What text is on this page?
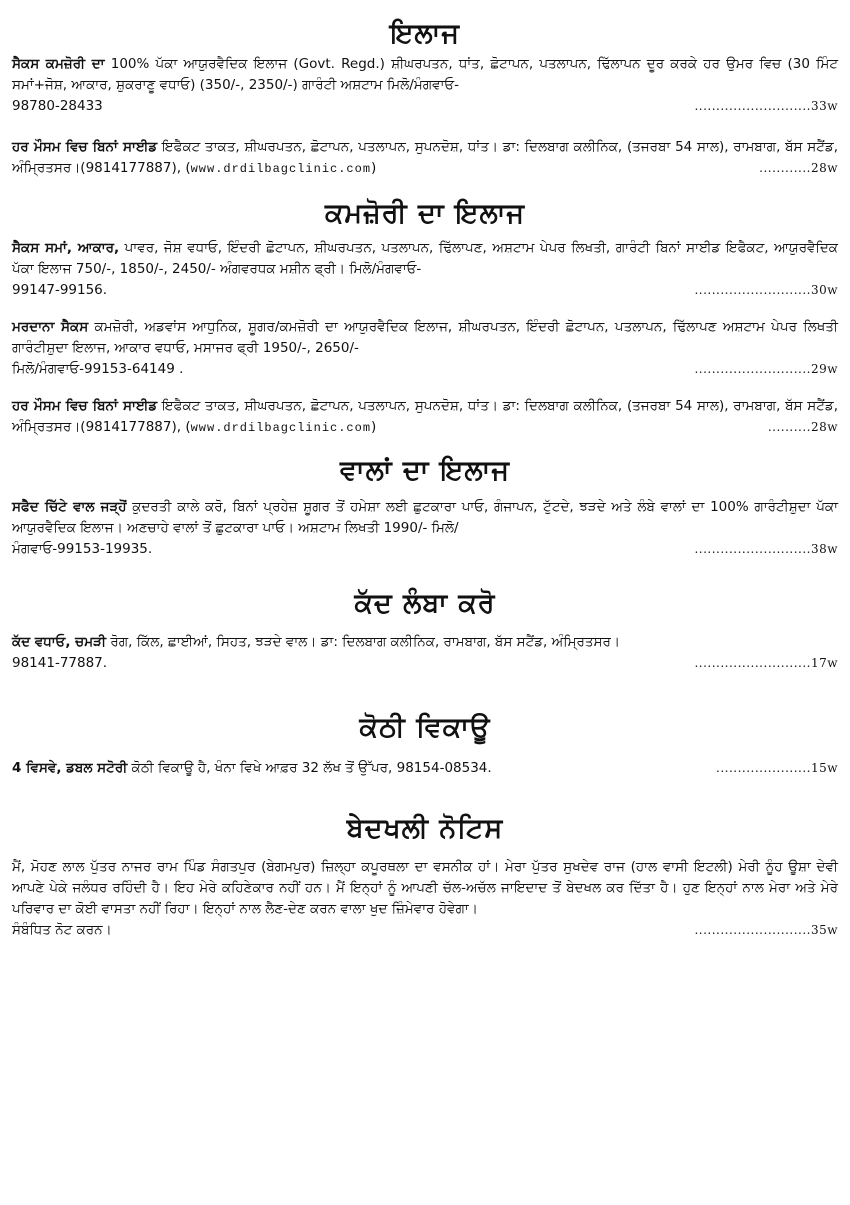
ਇਲਾਜ
ਸੈਕਸ ਕਮਜ਼ੋਰੀ ਦਾ 100% ਪੱਕਾ ਆਯੁਰਵੈਦਿਕ ਇਲਾਜ (Govt. Regd.) ਸ਼ੀਘਰਪਤਨ, ਧਾਂਤ, ਛੋਟਾਪਨ, ਪਤਲਾਪਨ, ਢਿੱਲਾਪਨ ਦੂਰ ਕਰਕੇ ਹਰ ਉਮਰ ਵਿਚ (30 ਮਿੰਟ ਸਮਾਂ+ਜੋਸ਼, ਆਕਾਰ, ਸ਼ੁਕਰਾਣੂ ਵਧਾਓ) (350/-, 2350/-) ਗਾਰੰਟੀ ਅਸ਼ਟਾਮ ਮਿਲੋ/ਮੰਗਵਾਓ-
98780-28433	...........................33w
ਹਰ ਮੌਸਮ ਵਿਚ ਬਿਨਾਂ ਸਾਈਡ ਇਫੈਕਟ ਤਾਕਤ, ਸ਼ੀਘਰਪਤਨ, ਛੋਟਾਪਨ, ਪਤਲਾਪਨ, ਸੁਪਨਦੋਸ਼, ਧਾਂਤ। ਡਾ: ਦਿਲਬਾਗ ਕਲੀਨਿਕ, (ਤਜਰਬਾ 54 ਸਾਲ), ਰਾਮਬਾਗ, ਬੱਸ ਸਟੈਂਡ, ਅੰਮ੍ਰਿਤਸਰ।(9814177887), (www.drdilbagclinic.com)	............28w
ਕਮਜ਼ੋਰੀ ਦਾ ਇਲਾਜ
ਸੈਕਸ ਸਮਾਂ, ਆਕਾਰ, ਪਾਵਰ, ਜੋਸ਼ ਵਧਾਓ, ਇੰਦਰੀ ਛੋਟਾਪਨ, ਸ਼ੀਘਰਪਤਨ, ਪਤਲਾਪਨ, ਢਿੱਲਾਪਣ, ਅਸ਼ਟਾਮ ਪੇਪਰ ਲਿਖਤੀ, ਗਾਰੰਟੀ ਬਿਨਾਂ ਸਾਈਡ ਇਫੈਕਟ, ਆਯੁਰਵੈਦਿਕ ਪੱਕਾ ਇਲਾਜ 750/-, 1850/-, 2450/- ਅੰਗਵਰਧਕ ਮਸ਼ੀਨ ਫ੍ਰੀ। ਮਿਲੋ/ਮੰਗਵਾਓ-
99147-99156.	...........................30w
ਮਰਦਾਨਾ ਸੈਕਸ ਕਮਜ਼ੋਰੀ, ਅਡਵਾਂਸ ਆਧੁਨਿਕ, ਸ਼ੂਗਰ/ਕਮਜ਼ੋਰੀ ਦਾ ਆਯੁਰਵੈਦਿਕ ਇਲਾਜ, ਸ਼ੀਘਰਪਤਨ, ਇੰਦਰੀ ਛੋਟਾਪਨ, ਪਤਲਾਪਨ, ਢਿੱਲਾਪਣ ਅਸ਼ਟਾਮ ਪੇਪਰ ਲਿਖਤੀ ਗਾਰੰਟੀਸ਼ੁਦਾ ਇਲਾਜ, ਆਕਾਰ ਵਧਾਓ, ਮਸਾਜਰ ਫ੍ਰੀ 1950/-, 2650/-
ਮਿਲੋ/ਮੰਗਵਾਓ-99153-64149 .	...........................29w
ਹਰ ਮੌਸਮ ਵਿਚ ਬਿਨਾਂ ਸਾਈਡ ਇਫੈਕਟ ਤਾਕਤ, ਸ਼ੀਘਰਪਤਨ, ਛੋਟਾਪਨ, ਪਤਲਾਪਨ, ਸੁਪਨਦੋਸ਼, ਧਾਂਤ। ਡਾ: ਦਿਲਬਾਗ ਕਲੀਨਿਕ, (ਤਜਰਬਾ 54 ਸਾਲ), ਰਾਮਬਾਗ, ਬੱਸ ਸਟੈਂਡ, ਅੰਮ੍ਰਿਤਸਰ।(9814177887), (www.drdilbagclinic.com)	..........28w
ਵਾਲਾਂ ਦਾ ਇਲਾਜ
ਸਫੈਦ ਚਿੱਟੇ ਵਾਲ ਜੜ੍ਹੋਂ ਕੁਦਰਤੀ ਕਾਲੇ ਕਰੋ, ਬਿਨਾਂ ਪ੍ਰਹੇਜ਼ ਸ਼ੂਗਰ ਤੋਂ ਹਮੇਸ਼ਾ ਲਈ ਛੁਟਕਾਰਾ ਪਾਓ, ਗੰਜਾਪਨ, ਟੁੱਟਦੇ, ਝੜਦੇ ਅਤੇ ਲੰਬੇ ਵਾਲਾਂ ਦਾ 100% ਗਾਰੰਟੀਸ਼ੁਦਾ ਪੱਕਾ ਆਯੁਰਵੈਦਿਕ ਇਲਾਜ। ਅਣਚਾਹੇ ਵਾਲਾਂ ਤੋਂ ਛੁਟਕਾਰਾ ਪਾਓ। ਅਸ਼ਟਾਮ ਲਿਖਤੀ 1990/- ਮਿਲੋ/
ਮੰਗਵਾਓ-99153-19935.	...........................38w
ਕੱਦ ਲੰਬਾ ਕਰੋ
ਕੱਦ ਵਧਾਓ, ਚਮੜੀ ਰੋਗ, ਕਿੱਲ, ਛਾਈਆਂ, ਸਿਹਤ, ਝੜਦੇ ਵਾਲ। ਡਾ: ਦਿਲਬਾਗ ਕਲੀਨਿਕ, ਰਾਮਬਾਗ, ਬੱਸ ਸਟੈਂਡ, ਅੰਮ੍ਰਿਤਸਰ।
98141-77887.	...........................17w
ਕੋਠੀ ਵਿਕਾਊ
4 ਵਿਸਵੇ, ਡਬਲ ਸਟੋਰੀ ਕੋਠੀ ਵਿਕਾਊ ਹੈ, ਖੰਨਾ ਵਿਖੇ ਆਫ਼ਰ 32 ਲੱਖ ਤੋਂ ਉੱਪਰ, 98154-08534.	......................15w
ਬੇਦਖਲੀ ਨੋਟਿਸ
ਮੈਂ, ਮੋਹਣ ਲਾਲ ਪੁੱਤਰ ਨਾਜਰ ਰਾਮ ਪਿੰਡ ਸੰਗਤਪੁਰ (ਬੇਗਮਪੁਰ) ਜ਼ਿਲ੍ਹਾ ਕਪੂਰਥਲਾ ਦਾ ਵਸਨੀਕ ਹਾਂ। ਮੇਰਾ ਪੁੱਤਰ ਸੁਖਦੇਵ ਰਾਜ (ਹਾਲ ਵਾਸੀ ਇਟਲੀ) ਮੇਰੀ ਨੂੰਹ ਊਸ਼ਾ ਦੇਵੀ ਆਪਣੇ ਪੇਕੇ ਜਲੰਧਰ ਰਹਿੰਦੀ ਹੈ। ਇਹ ਮੇਰੇ ਕਹਿਣੇਕਾਰ ਨਹੀਂ ਹਨ। ਮੈਂ ਇਨ੍ਹਾਂ ਨੂੰ ਆਪਣੀ ਚੱਲ-ਅਚੱਲ ਜਾਇਦਾਦ ਤੋਂ ਬੇਦਖਲ ਕਰ ਦਿੱਤਾ ਹੈ। ਹੁਣ ਇਨ੍ਹਾਂ ਨਾਲ ਮੇਰਾ ਅਤੇ ਮੇਰੇ ਪਰਿਵਾਰ ਦਾ ਕੋਈ ਵਾਸਤਾ ਨਹੀਂ ਰਿਹਾ। ਇਨ੍ਹਾਂ ਨਾਲ ਲੈਣ-ਦੇਣ ਕਰਨ ਵਾਲਾ ਖੁਦ ਜ਼ਿੰਮੇਵਾਰ ਹੋਵੇਗਾ।
ਸੰਬੰਧਿਤ ਨੋਟ ਕਰਨ।	...........................35w
